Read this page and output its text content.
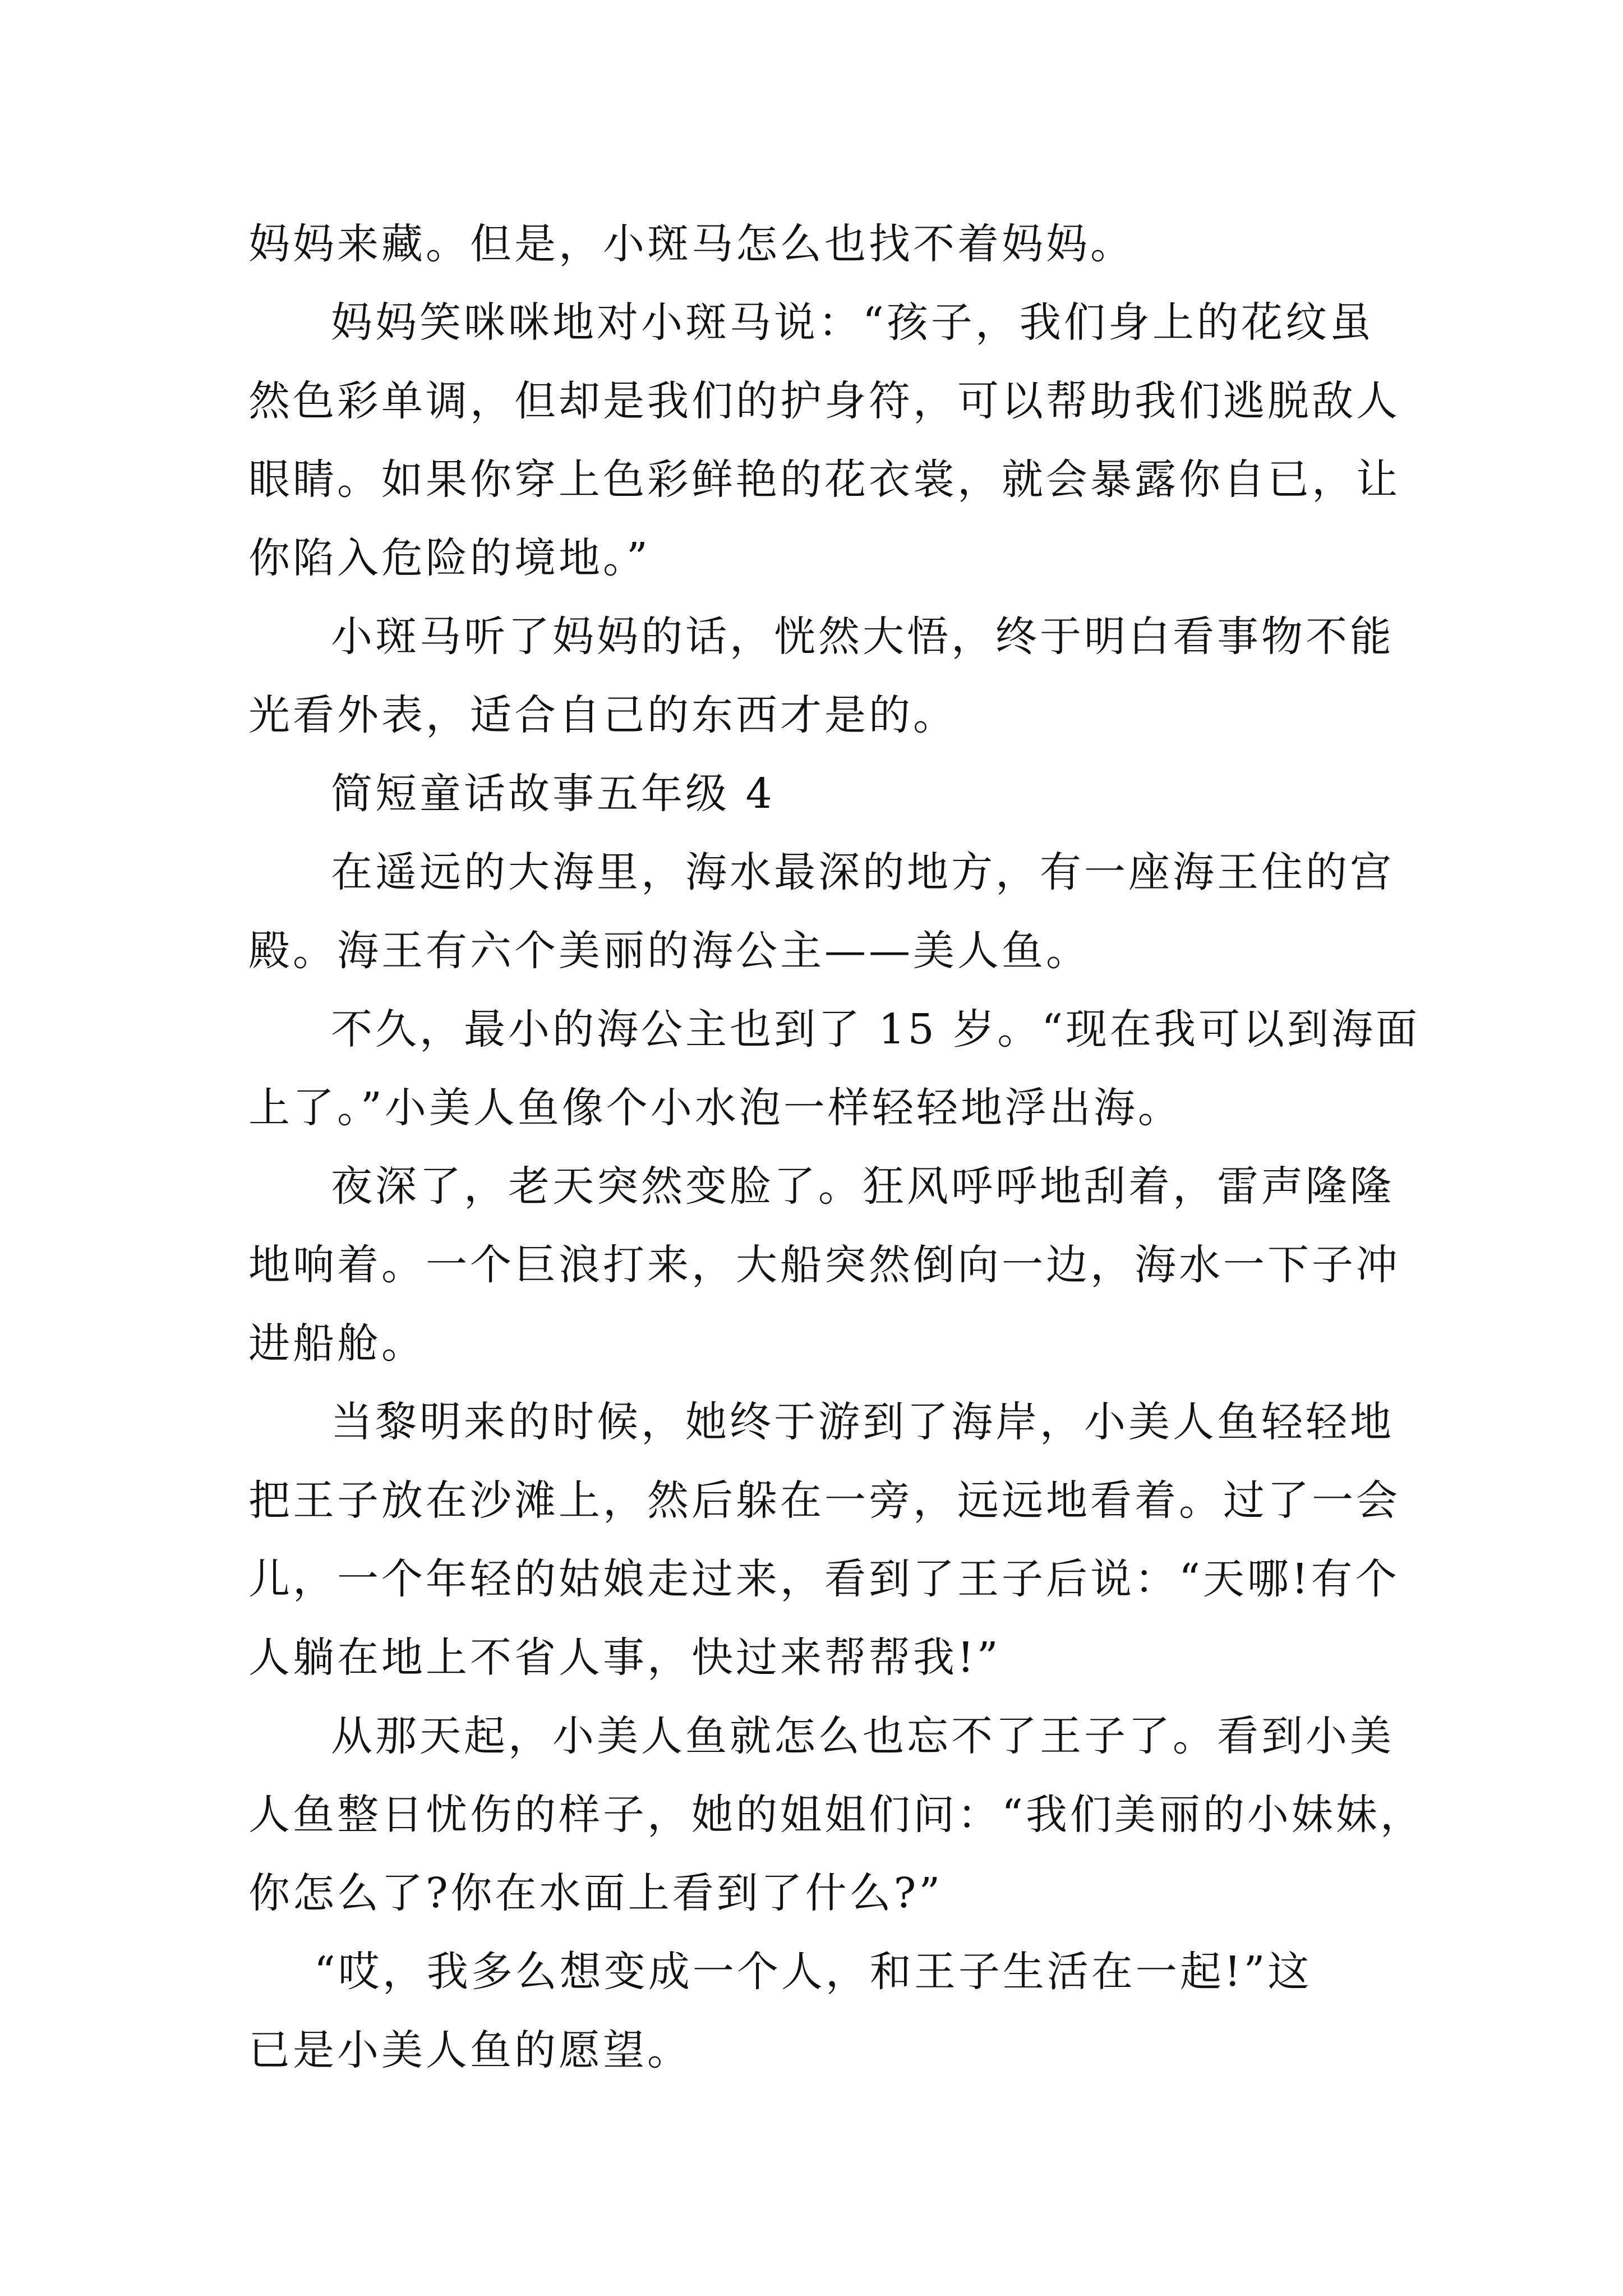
妈妈来藏。但是，小斑马怎么也找不着妈妈。
妈妈笑咪咪地对小斑马说：“孩子，我们身上的花纹虽
然色彩单调，但却是我们的护身符，可以帮助我们逃脱敌人
眼睛。如果你穿上色彩鲜艳的花衣裳，就会暴露你自已，让
你陷入危险的境地。”
小斑马听了妈妈的话，恍然大悟，终于明白看事物不能
光看外表，适合自己的东西才是的。
简短童话故事五年级 4
在遥远的大海里，海水最深的地方，有一座海王住的宫
殿。海王有六个美丽的海公主——美人鱼。
不久，最小的海公主也到了 15 岁。“现在我可以到海面
上了。”小美人鱼像个小水泡一样轻轻地浮出海。
夜深了，老天突然变脸了。狂风呼呼地刮着，雷声隆隆
地响着。一个巨浪打来，大船突然倒向一边，海水一下子冲
进船舱。
当黎明来的时候，她终于游到了海岸，小美人鱼轻轻地
把王子放在沙滩上，然后躲在一旁，远远地看着。过了一会
儿，一个年轻的姑娘走过来，看到了王子后说：“天哪!有个
人躺在地上不省人事，快过来帮帮我!”
从那天起，小美人鱼就怎么也忘不了王子了。看到小美
人鱼整日忧伤的样子，她的姐姐们问：“我们美丽的小妹妹，
你怎么了?你在水面上看到了什么?”
“哎，我多么想变成一个人，和王子生活在一起!”这
已是小美人鱼的愿望。
